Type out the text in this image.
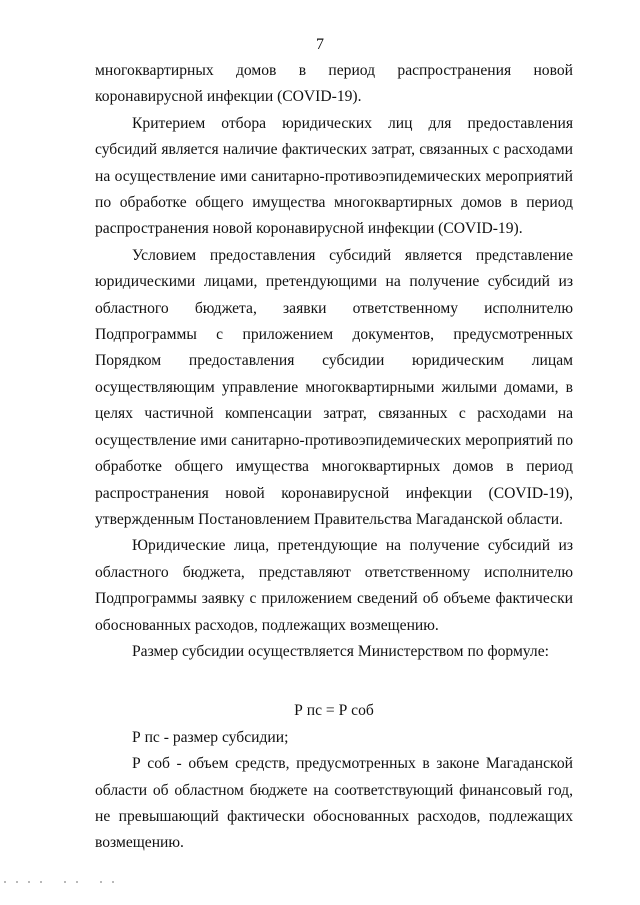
7

многоквартирных домов в период распространения новой коронавирусной инфекции (COVID-19).

Критерием отбора юридических лиц для предоставления субсидий является наличие фактических затрат, связанных с расходами на осуществление ими санитарно-противоэпидемических мероприятий по обработке общего имущества многоквартирных домов в период распространения новой коронавирусной инфекции (COVID-19).

Условием предоставления субсидий является представление юридическими лицами, претендующими на получение субсидий из областного бюджета, заявки ответственному исполнителю Подпрограммы с приложением документов, предусмотренных Порядком предоставления субсидии юридическим лицам осуществляющим управление многоквартирными жилыми домами, в целях частичной компенсации затрат, связанных с расходами на осуществление ими санитарно-противоэпидемических мероприятий по обработке общего имущества многоквартирных домов в период распространения новой коронавирусной инфекции (COVID-19), утвержденным Постановлением Правительства Магаданской области.

Юридические лица, претендующие на получение субсидий из областного бюджета, представляют ответственному исполнителю Подпрограммы заявку с приложением сведений об объеме фактически обоснованных расходов, подлежащих возмещению.

Размер субсидии осуществляется Министерством по формуле:

Р пс = Р соб

Р пс - размер субсидии;

Р соб - объем средств, предусмотренных в законе Магаданской области об областном бюджете на соответствующий финансовый год, не превышающий фактически обоснованных расходов, подлежащих возмещению.
